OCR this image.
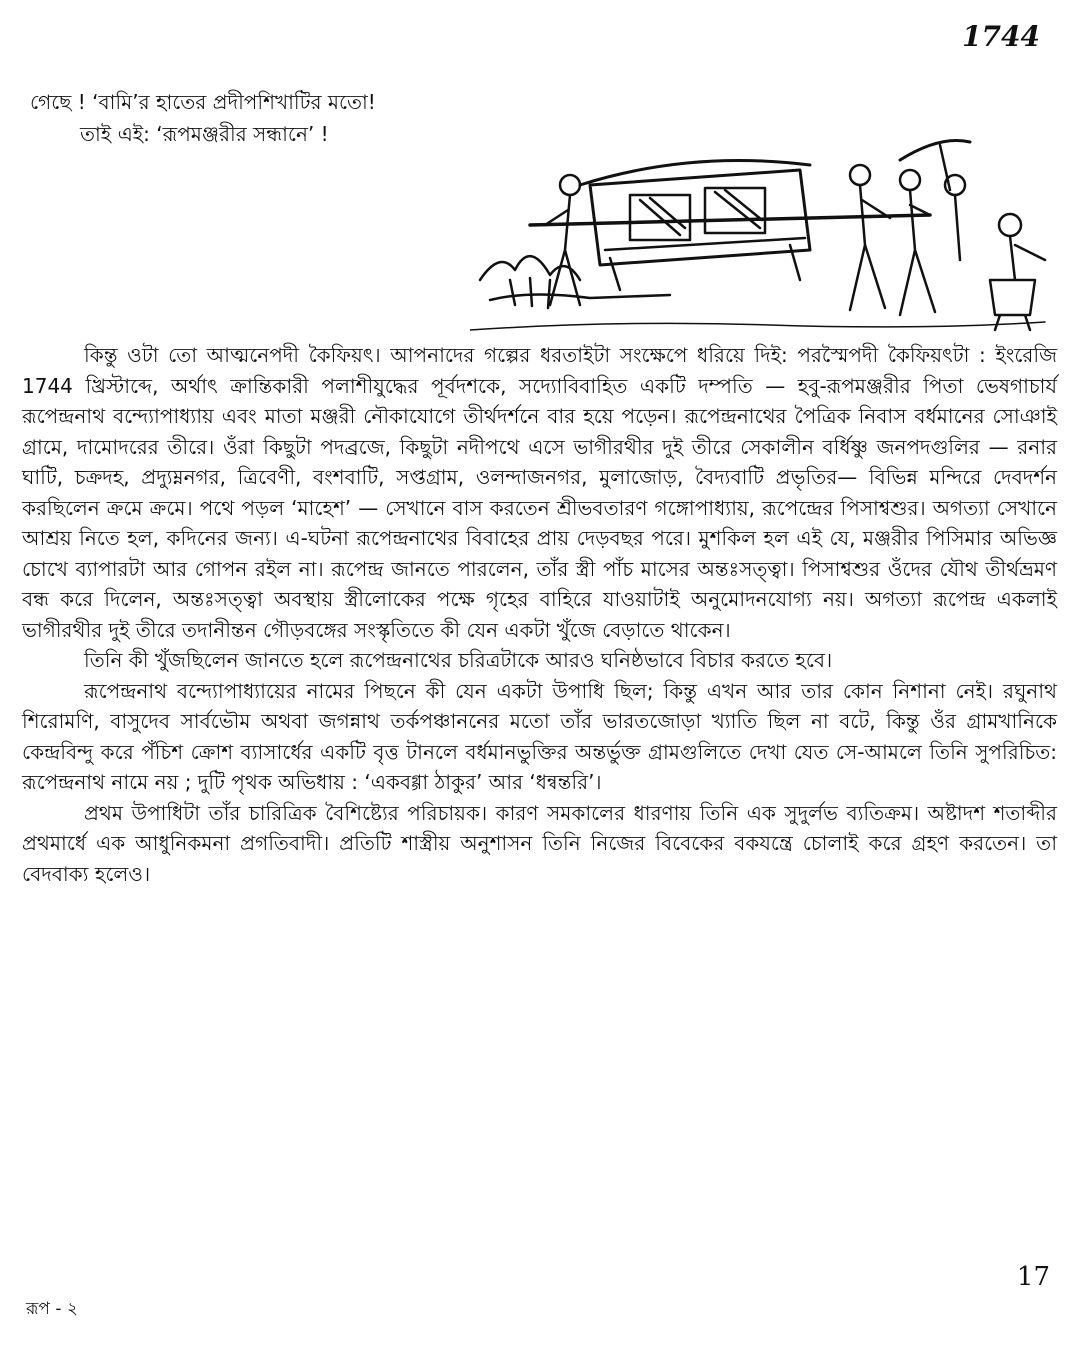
1744

গেছে ! ‘বামি’র হাতের প্রদীপশিখাটির মতো!

তাই এই: ‘রূপমঞ্জরীর সন্ধানে’ !

কিন্তু ওটা তো আত্মনেপদী কৈফিয়ৎ। আপনাদের গল্পের ধরতাইটা সংক্ষেপে ধরিয়ে দিই: পরস্মৈপদী কৈফিয়ৎটা : ইংরেজি 1744 খ্রিস্টাব্দে, অর্থাৎ ক্রান্তিকারী পলাশীযুদ্ধের পূর্বদশকে, সদ্যোবিবাহিত একটি দম্পতি — হবু-রূপমঞ্জরীর পিতা ভেষগাচার্য রূপেন্দ্রনাথ বন্দ্যোপাধ্যায় এবং মাতা মঞ্জরী নৌকাযোগে তীর্থদর্শনে বার হয়ে পড়েন। রূপেন্দ্রনাথের পৈত্রিক নিবাস বর্ধমানের সোঞাই গ্রামে, দামোদরের তীরে। ওঁরা কিছুটা পদব্রজে, কিছুটা নদীপথে এসে ভাগীরথীর দুই তীরে সেকালীন বর্ধিষ্ণু জনপদগুলির — রনার ঘাটি, চক্রদহ, প্রদ্যুম্ননগর, ত্রিবেণী, বংশবাটি, সপ্তগ্রাম, ওলন্দাজনগর, মুলাজোড়, বৈদ্যবাটি প্রভৃতির— বিভিন্ন মন্দিরে দেবদর্শন করছিলেন ক্রমে ক্রমে। পথে পড়ল ‘মাহেশ’ — সেখানে বাস করতেন শ্রীভবতারণ গঙ্গোপাধ্যায়, রূপেন্দ্রের পিসাশ্বশুর। অগত্যা সেখানে আশ্রয় নিতে হল, কদিনের জন্য। এ-ঘটনা রূপেন্দ্রনাথের বিবাহের প্রায় দেড়বছর পরে। মুশকিল হল এই যে, মঞ্জরীর পিসিমার অভিজ্ঞ চোখে ব্যাপারটা আর গোপন রইল না। রূপেন্দ্র জানতে পারলেন, তাঁর স্ত্রী পাঁচ মাসের অন্তঃসত্ত্বা। পিসাশ্বশুর ওঁদের যৌথ তীর্থভ্রমণ বন্ধ করে দিলেন, অন্তঃসত্ত্বা অবস্থায় স্ত্রীলোকের পক্ষে গৃহের বাহিরে যাওয়াটাই অনুমোদনযোগ্য নয়। অগত্যা রূপেন্দ্র একলাই ভাগীরথীর দুই তীরে তদানীন্তন গৌড়বঙ্গের সংস্কৃতিতে কী যেন একটা খুঁজে বেড়াতে থাকেন।

তিনি কী খুঁজছিলেন জানতে হলে রূপেন্দ্রনাথের চরিত্রটাকে আরও ঘনিষ্ঠভাবে বিচার করতে হবে।

রূপেন্দ্রনাথ বন্দ্যোপাধ্যায়ের নামের পিছনে কী যেন একটা উপাধি ছিল; কিন্তু এখন আর তার কোন নিশানা নেই। রঘুনাথ শিরোমণি, বাসুদেব সার্বভৌম অথবা জগন্নাথ তর্কপঞ্চাননের মতো তাঁর ভারতজোড়া খ্যাতি ছিল না বটে, কিন্তু ওঁর গ্রামখানিকে কেন্দ্রবিন্দু করে পঁচিশ ক্রোশ ব্যাসার্ধের একটি বৃত্ত টানলে বর্ধমানভুক্তির অন্তর্ভুক্ত গ্রামগুলিতে দেখা যেত সে-আমলে তিনি সুপরিচিত: রূপেন্দ্রনাথ নামে নয় ; দুটি পৃথক অভিধায় : ‘একবগ্গা ঠাকুর’ আর ‘ধন্বন্তরি’।

প্রথম উপাধিটা তাঁর চারিত্রিক বৈশিষ্ট্যের পরিচায়ক। কারণ সমকালের ধারণায় তিনি এক সুদুর্লভ ব্যতিক্রম। অষ্টাদশ শতাব্দীর প্রথমার্ধে এক আধুনিকমনা প্রগতিবাদী। প্রতিটি শাস্ত্রীয় অনুশাসন তিনি নিজের বিবেকের বকযন্ত্রে চোলাই করে গ্রহণ করতেন। তা বেদবাক্য হলেও।

17
রূপ - ২
